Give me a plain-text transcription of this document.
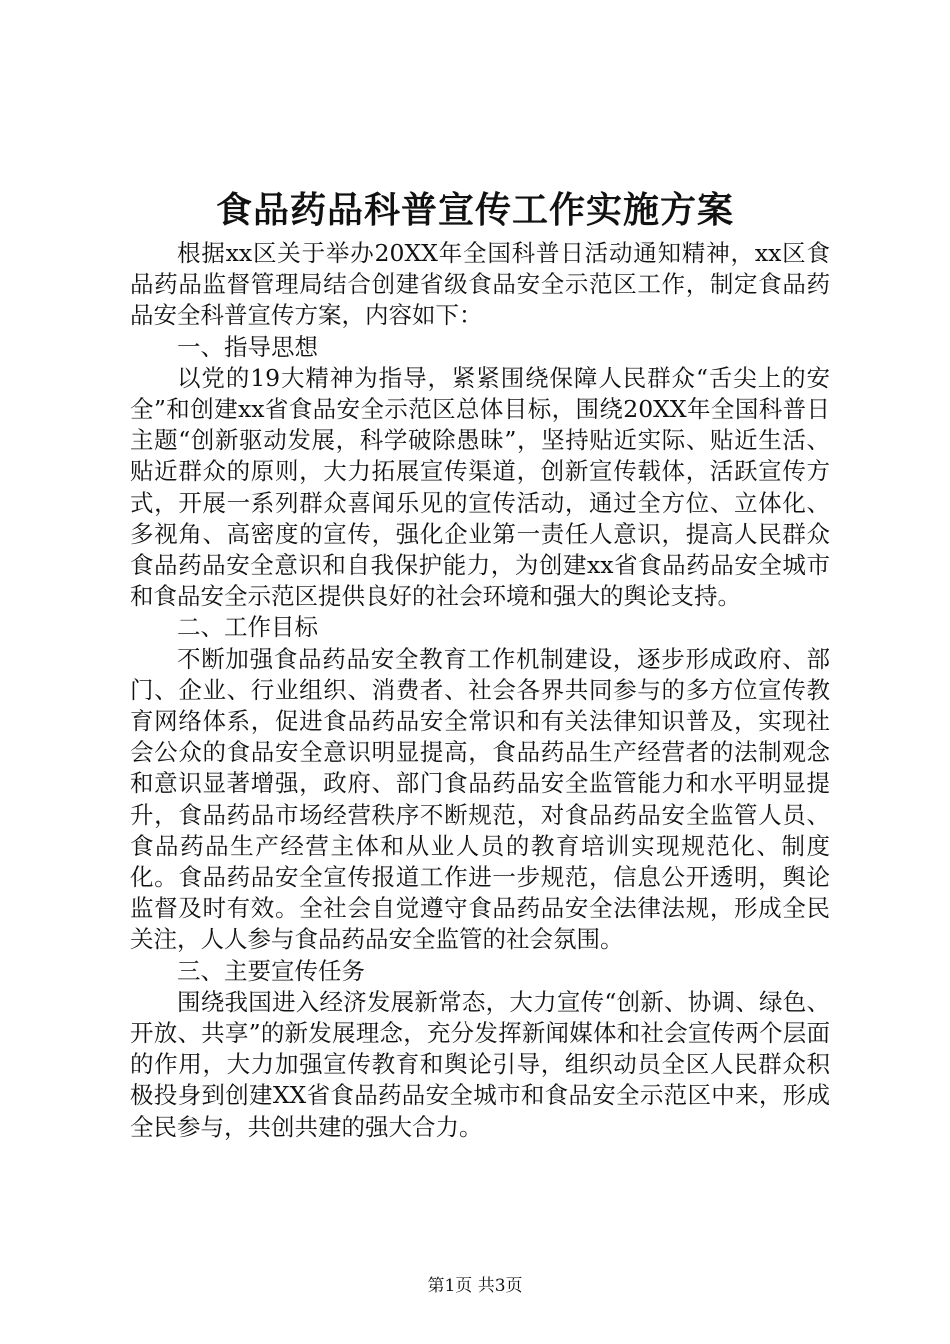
食品药品科普宣传工作实施方案

根据xx区关于举办20XX年全国科普日活动通知精神，xx区食品药品监督管理局结合创建省级食品安全示范区工作，制定食品药品安全科普宣传方案，内容如下：

一、指导思想

以党的19大精神为指导，紧紧围绕保障人民群众“舌尖上的安全”和创建xx省食品安全示范区总体目标，围绕20XX年全国科普日主题“创新驱动发展，科学破除愚昧”，坚持贴近实际、贴近生活、贴近群众的原则，大力拓展宣传渠道，创新宣传载体，活跃宣传方式，开展一系列群众喜闻乐见的宣传活动，通过全方位、立体化、多视角、高密度的宣传，强化企业第一责任人意识，提高人民群众食品药品安全意识和自我保护能力，为创建xx省食品药品安全城市和食品安全示范区提供良好的社会环境和强大的舆论支持。

二、工作目标

不断加强食品药品安全教育工作机制建设，逐步形成政府、部门、企业、行业组织、消费者、社会各界共同参与的多方位宣传教育网络体系，促进食品药品安全常识和有关法律知识普及，实现社会公众的食品安全意识明显提高，食品药品生产经营者的法制观念和意识显著增强，政府、部门食品药品安全监管能力和水平明显提升，食品药品市场经营秩序不断规范，对食品药品安全监管人员、食品药品生产经营主体和从业人员的教育培训实现规范化、制度化。食品药品安全宣传报道工作进一步规范，信息公开透明，舆论监督及时有效。全社会自觉遵守食品药品安全法律法规，形成全民关注，人人参与食品药品安全监管的社会氛围。

三、主要宣传任务

围绕我国进入经济发展新常态，大力宣传“创新、协调、绿色、开放、共享”的新发展理念，充分发挥新闻媒体和社会宣传两个层面的作用，大力加强宣传教育和舆论引导，组织动员全区人民群众积极投身到创建XX省食品药品安全城市和食品安全示范区中来，形成全民参与，共创共建的强大合力。

第1页 共3页
